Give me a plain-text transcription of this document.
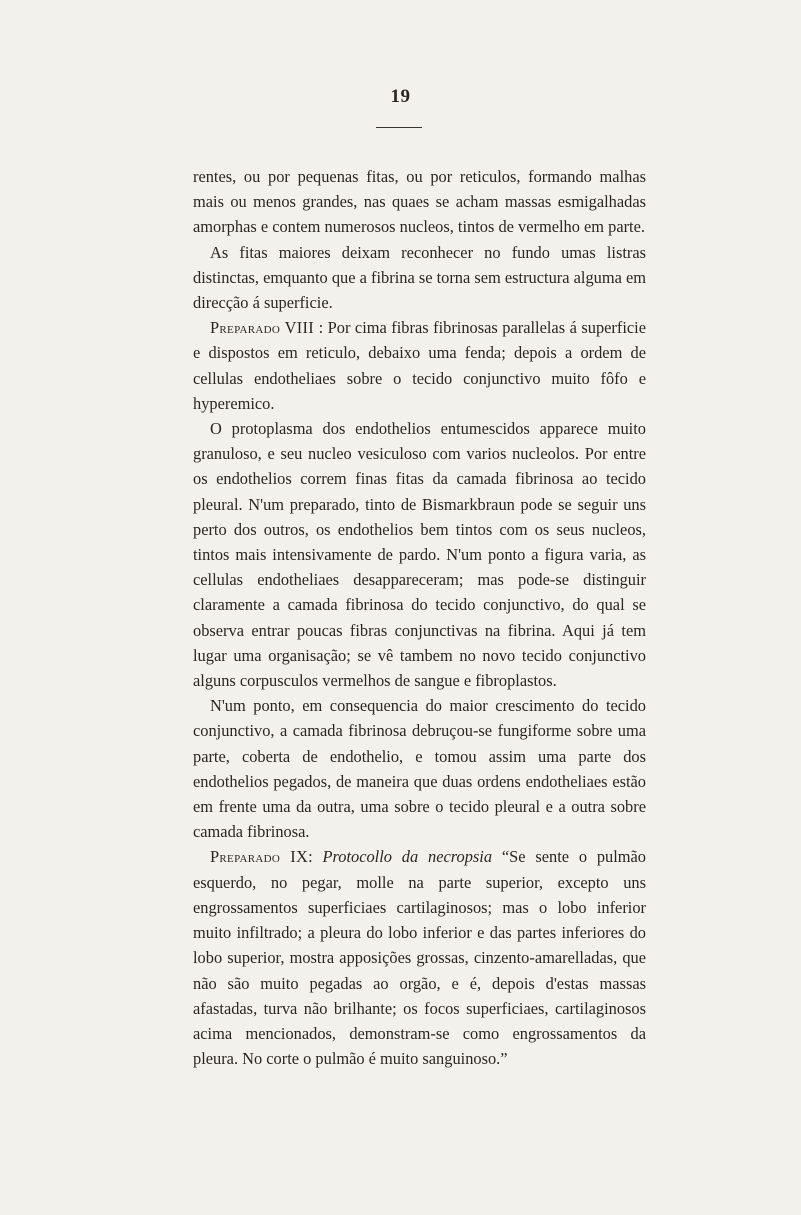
19

rentes, ou por pequenas fitas, ou por reticulos, formando malhas mais ou menos grandes, nas quaes se acham massas esmigalhadas amorphas e contem numerosos nucleos, tintos de vermelho em parte.

As fitas maiores deixam reconhecer no fundo umas listras distinctas, emquanto que a fibrina se torna sem estructura alguma em direcção á superficie.

Preparado VIII : Por cima fibras fibrinosas parallelas á superficie e dispostos em reticulo, debaixo uma fenda; depois a ordem de cellulas endotheliaes sobre o tecido conjunctivo muito fôfo e hyperemico.

O protoplasma dos endothelios entumescidos apparece muito granuloso, e seu nucleo vesiculoso com varios nucleolos. Por entre os endothelios correm finas fitas da camada fibrinosa ao tecido pleural. N'um preparado, tinto de Bismarkbraun pode se seguir uns perto dos outros, os endothelios bem tintos com os seus nucleos, tintos mais intensivamente de pardo. N'um ponto a figura varia, as cellulas endotheliaes desappareceram; mas pode-se distinguir claramente a camada fibrinosa do tecido conjunctivo, do qual se observa entrar poucas fibras conjunctivas na fibrina. Aqui já tem lugar uma organisação; se vê tambem no novo tecido conjunctivo alguns corpusculos vermelhos de sangue e fibroplastos.

N'um ponto, em consequencia do maior crescimento do tecido conjunctivo, a camada fibrinosa debruçou-se fungiforme sobre uma parte, coberta de endothelio, e tomou assim uma parte dos endothelios pegados, de maneira que duas ordens endotheliaes estão em frente uma da outra, uma sobre o tecido pleural e a outra sobre camada fibrinosa.

Preparado IX: Protocollo da necropsia “Se sente o pulmão esquerdo, no pegar, molle na parte superior, excepto uns engrossamentos superficiaes cartilaginosos; mas o lobo inferior muito infiltrado; a pleura do lobo inferior e das partes inferiores do lobo superior, mostra apposições grossas, cinzento-amarelladas, que não são muito pegadas ao orgão, e é, depois d'estas massas afastadas, turva não brilhante; os focos superficiaes, cartilaginosos acima mencionados, demonstram-se como engrossamentos da pleura. No corte o pulmão é muito sanguinoso.”
